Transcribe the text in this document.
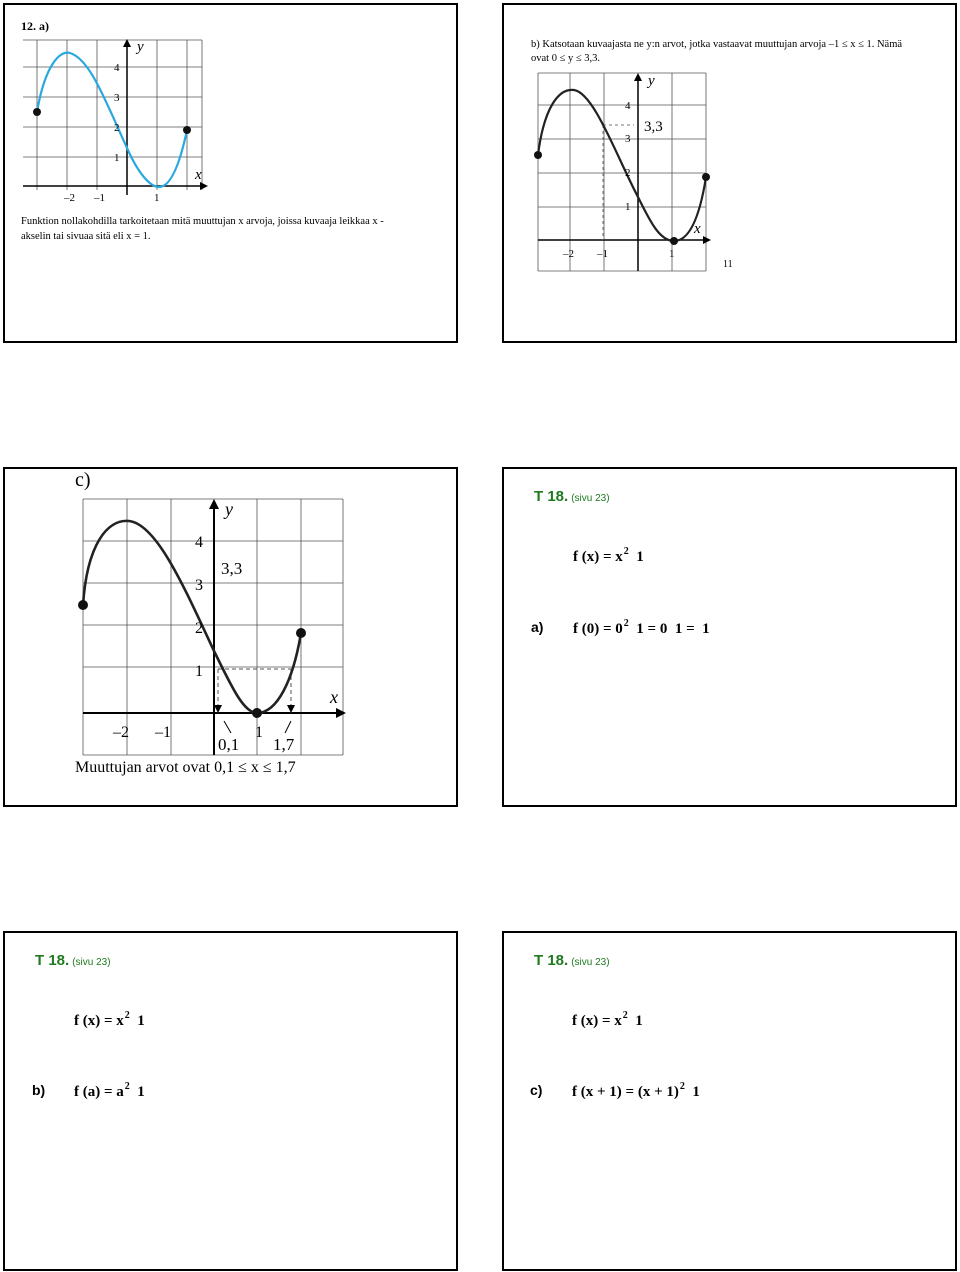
12. a)
y
x
–2 –1	1
1
2
3
4
Funktion nollakohdilla tarkoitetaan mitä muuttujan x arvoja, joissa kuvaaja leikkaa x -
akselin tai sivuaa sitä eli x = 1.
b) Katsotaan kuvaajasta ne y:n arvot, jotka vastaavat muuttujan arvoja –1 ≤ x ≤ 1. Nämä
ovat 0 ≤ y ≤ 3,3.
y
x
3,3
–2 –1	1
1
2
3
4
11
c)
y
x
3,3
–2 –1	1
1
2
3
4
0,1 1,7
Muuttujan arvot ovat 0,1 ≤ x ≤ 1,7
T 18. (sivu 23)
f $(x) = x^2$  1
a) f $(0) = 0^2$  1 = 0  1 =  1
T 18. (sivu 23)
f $(x) = x^2$  1
b) f $(a) = a^2$  1
T 18. (sivu 23)
f $(x) = x^2$  1
c) f $(x + 1) = (x + 1)^2$  1
